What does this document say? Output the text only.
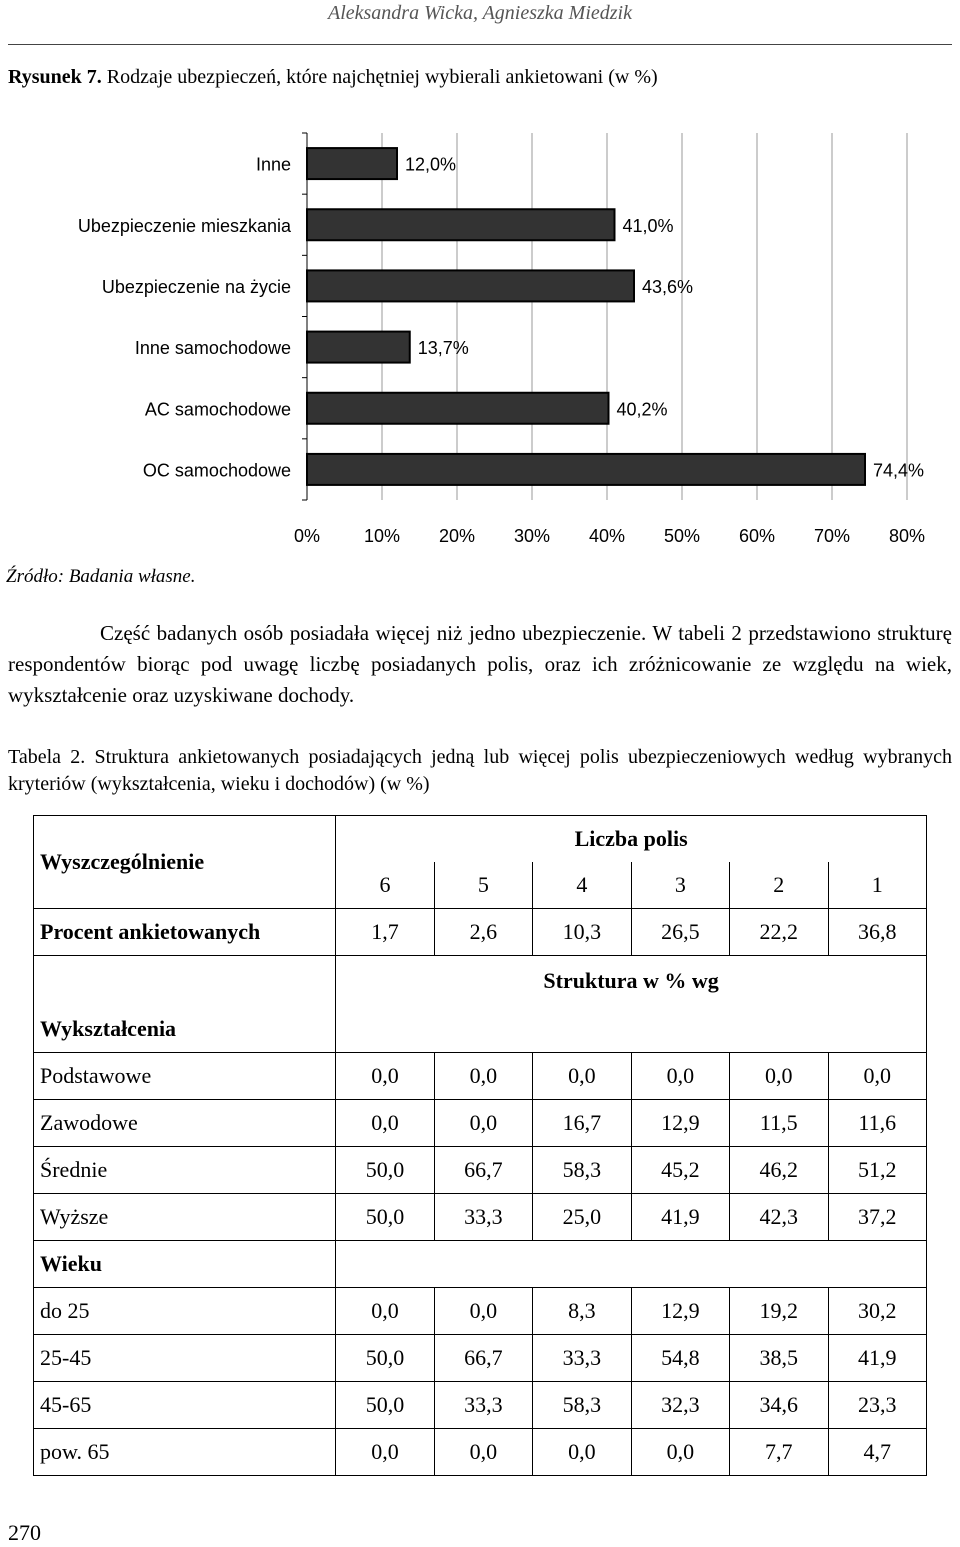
Aleksandra Wicka, Agnieszka Miedzik
Rysunek 7. Rodzaje ubezpieczeń, które najchętniej wybierali ankietowani (w %)
Inne	12,0%
Ubezpieczenie mieszkania	41,0%
Ubezpieczenie na życie	43,6%
Inne samochodowe	13,7%
AC samochodowe	40,2%
OC samochodowe	74,4%
0% 10% 20% 30% 40% 50% 60% 70% 80%
Źródło: Badania własne.
Część badanych osób posiadała więcej niż jedno ubezpieczenie. W tabeli 2 przedstawiono strukturę respondentów biorąc pod uwagę liczbę posiadanych polis, oraz ich zróżnicowanie ze względu na wiek, wykształcenie oraz uzyskiwane dochody.
Tabela 2. Struktura ankietowanych posiadających jedną lub więcej polis ubezpieczeniowych według wybranych kryteriów (wykształcenia, wieku i dochodów) (w %)
Wyszczególnienie	Liczba polis					
	6	5	4	3	2	1
Procent ankietowanych	1,7	2,6	10,3	26,5	22,2	36,8
	Struktura w % wg					
Wykształcenia						
Podstawowe	0,0	0,0	0,0	0,0	0,0	0,0
Zawodowe	0,0	0,0	16,7	12,9	11,5	11,6
Średnie	50,0	66,7	58,3	45,2	46,2	51,2
Wyższe	50,0	33,3	25,0	41,9	42,3	37,2
Wieku						
do 25	0,0	0,0	8,3	12,9	19,2	30,2
25-45	50,0	66,7	33,3	54,8	38,5	41,9
45-65	50,0	33,3	58,3	32,3	34,6	23,3
pow. 65	0,0	0,0	0,0	0,0	7,7	4,7
270
